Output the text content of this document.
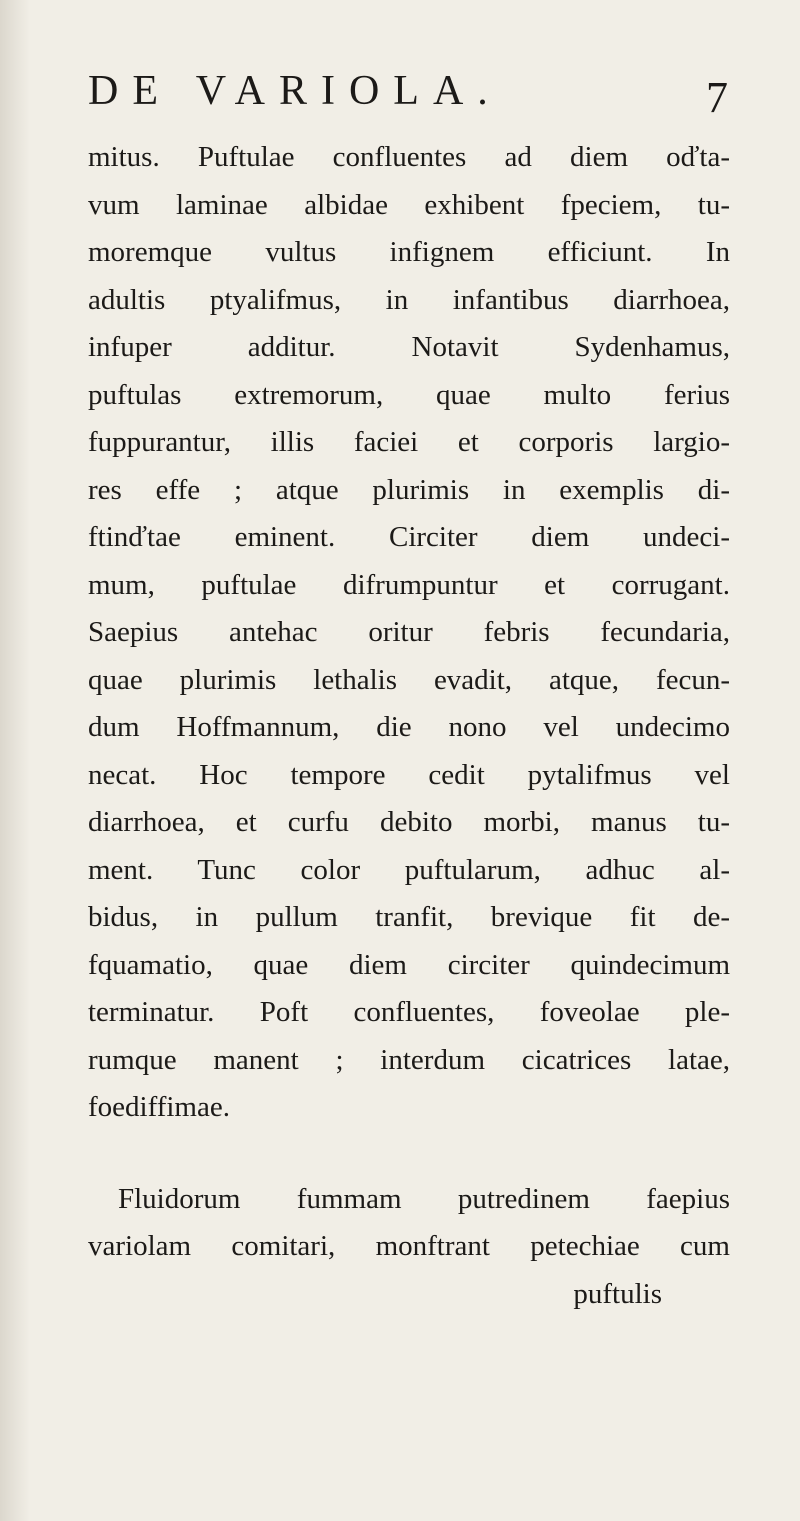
DE VARIOLA.	7
mitus. Puftulae confluentes ad diem oďta-
vum laminae albidae exhibent fpeciem, tu-
moremque vultus infignem efficiunt. In
adultis ptyalifmus, in infantibus diarrhoea,
infuper additur. Notavit Sydenhamus,
puftulas extremorum, quae multo ferius
fuppurantur, illis faciei et corporis largio-
res effe ; atque plurimis in exemplis di-
ftinďtae eminent. Circiter diem undeci-
mum, puftulae difrumpuntur et corrugant.
Saepius antehac oritur febris fecundaria,
quae plurimis lethalis evadit, atque, fecun-
dum Hoffmannum, die nono vel undecimo
necat. Hoc tempore cedit pytalifmus vel
diarrhoea, et curfu debito morbi, manus tu-
ment. Tunc color puftularum, adhuc al-
bidus, in pullum tranfit, brevique fit de-
fquamatio, quae diem circiter quindecimum
terminatur. Poft confluentes, foveolae ple-
rumque manent ; interdum cicatrices latae,
foediffimae.
Fluidorum fummam putredinem faepius
variolam comitari, monftrant petechiae cum
puftulis
